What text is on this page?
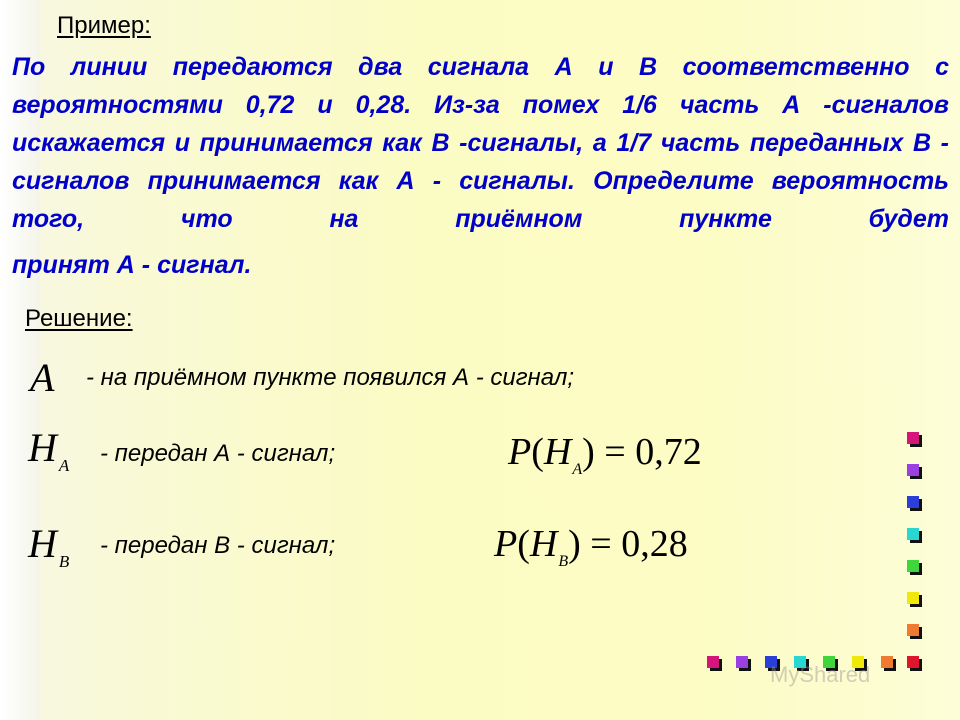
Пример:
По линии передаются два сигнала А и В соответственно с вероятностями 0,72 и 0,28. Из-за помех 1/6 часть А -сигналов искажается и принимается как В -сигналы, а 1/7 часть переданных В - сигналов принимается как А - сигналы. Определите вероятность того, что на приёмном пункте будет
принят А - сигнал.
Решение:
A - на приёмном пункте появился А - сигнал;
H $_A$ - передан А - сигнал;	$P(H_A) = 0,72$
H $_B$
- передан В - сигнал;	$P(H_B) = 0,28$
MyShared
